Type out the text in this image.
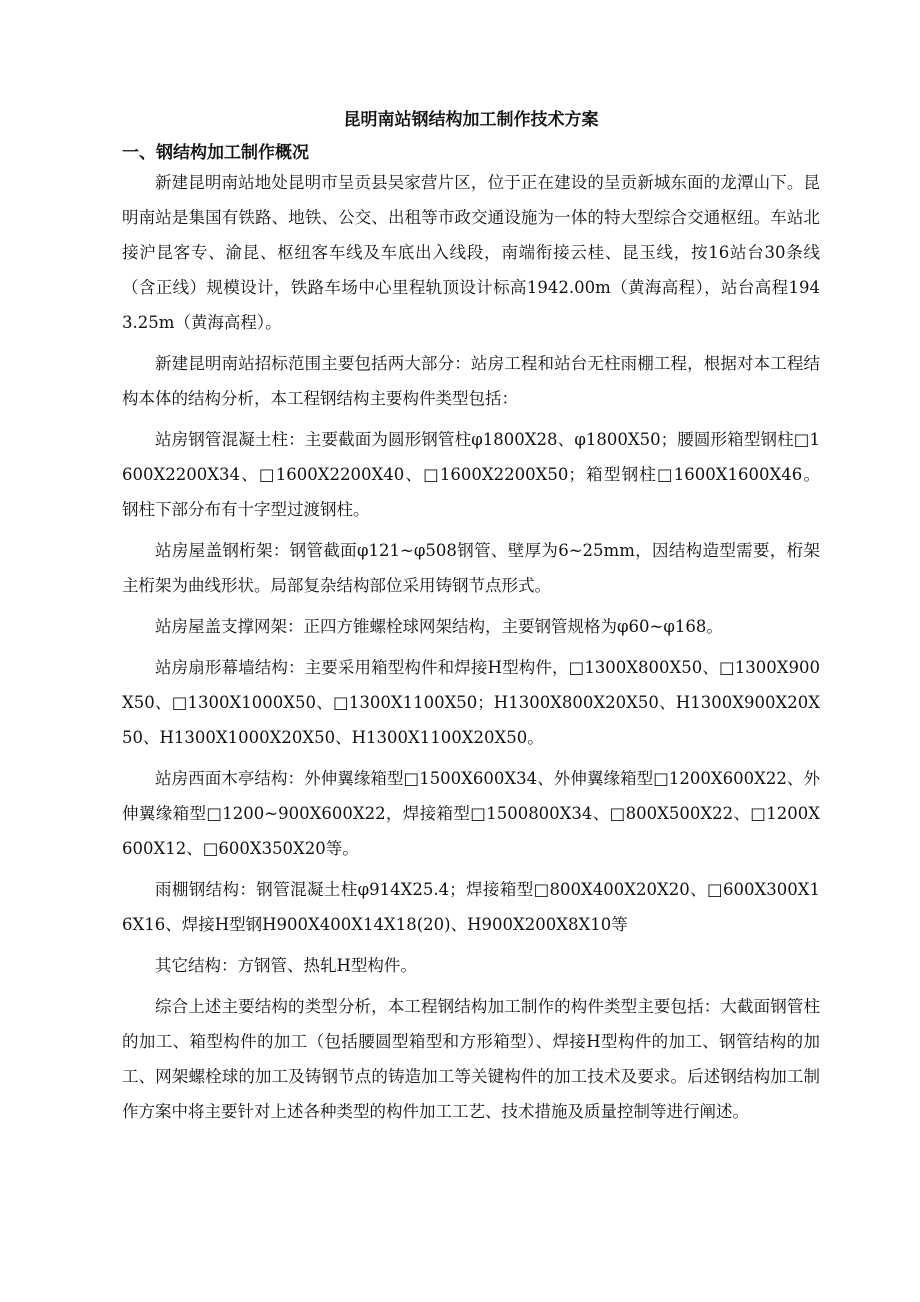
昆明南站钢结构加工制作技术方案
一、钢结构加工制作概况

新建昆明南站地处昆明市呈贡县吴家营片区，位于正在建设的呈贡新城东面的龙潭山下。昆明南站是集国有铁路、地铁、公交、出租等市政交通设施为一体的特大型综合交通枢纽。车站北接沪昆客专、渝昆、枢纽客车线及车底出入线段，南端衔接云桂、昆玉线，按16站台30条线（含正线）规模设计，铁路车场中心里程轨顶设计标高1942.00m（黄海高程），站台高程1943.25m（黄海高程）。

新建昆明南站招标范围主要包括两大部分：站房工程和站台无柱雨棚工程，根据对本工程结构本体的结构分析，本工程钢结构主要构件类型包括：

站房钢管混凝土柱：主要截面为圆形钢管柱φ1800X28、φ1800X50；腰圆形箱型钢柱□1600X2200X34、□1600X2200X40、□1600X2200X50；箱型钢柱□1600X1600X46。钢柱下部分布有十字型过渡钢柱。

站房屋盖钢桁架：钢管截面φ121~φ508钢管、壁厚为6~25mm，因结构造型需要，桁架主桁架为曲线形状。局部复杂结构部位采用铸钢节点形式。

站房屋盖支撑网架：正四方锥螺栓球网架结构，主要钢管规格为φ60~φ168。

站房扇形幕墙结构：主要采用箱型构件和焊接H型构件，□1300X800X50、□1300X900X50、□1300X1000X50、□1300X1100X50；H1300X800X20X50、H1300X900X20X50、H1300X1000X20X50、H1300X1100X20X50。

站房西面木亭结构：外伸翼缘箱型□1500X600X34、外伸翼缘箱型□1200X600X22、外伸翼缘箱型□1200~900X600X22，焊接箱型□1500800X34、□800X500X22、□1200X600X12、□600X350X20等。

雨棚钢结构：钢管混凝土柱φ914X25.4；焊接箱型□800X400X20X20、□600X300X16X16、焊接H型钢H900X400X14X18(20)、H900X200X8X10等

其它结构：方钢管、热轧H型构件。

综合上述主要结构的类型分析，本工程钢结构加工制作的构件类型主要包括：大截面钢管柱的加工、箱型构件的加工（包括腰圆型箱型和方形箱型）、焊接H型构件的加工、钢管结构的加工、网架螺栓球的加工及铸钢节点的铸造加工等关键构件的加工技术及要求。后述钢结构加工制作方案中将主要针对上述各种类型的构件加工工艺、技术措施及质量控制等进行阐述。
